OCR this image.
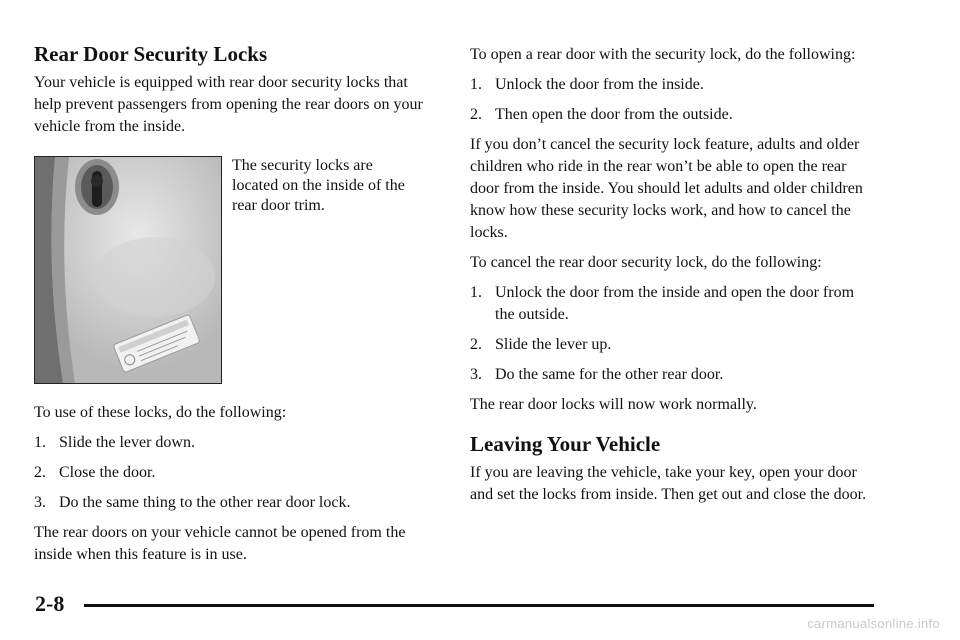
Rear Door Security Locks

Your vehicle is equipped with rear door security locks that help prevent passengers from opening the rear doors on your vehicle from the inside.

The security locks are located on the inside of the rear door trim.

To use of these locks, do the following:

1. Slide the lever down.
2. Close the door.
3. Do the same thing to the other rear door lock.

The rear doors on your vehicle cannot be opened from the inside when this feature is in use.

To open a rear door with the security lock, do the following:

1. Unlock the door from the inside.
2. Then open the door from the outside.

If you don’t cancel the security lock feature, adults and older children who ride in the rear won’t be able to open the rear door from the inside. You should let adults and older children know how these security locks work, and how to cancel the locks.

To cancel the rear door security lock, do the following:

1. Unlock the door from the inside and open the door from the outside.
2. Slide the lever up.
3. Do the same for the other rear door.

The rear door locks will now work normally.

Leaving Your Vehicle

If you are leaving the vehicle, take your key, open your door and set the locks from inside. Then get out and close the door.

2-8
carmanualsonline.info
